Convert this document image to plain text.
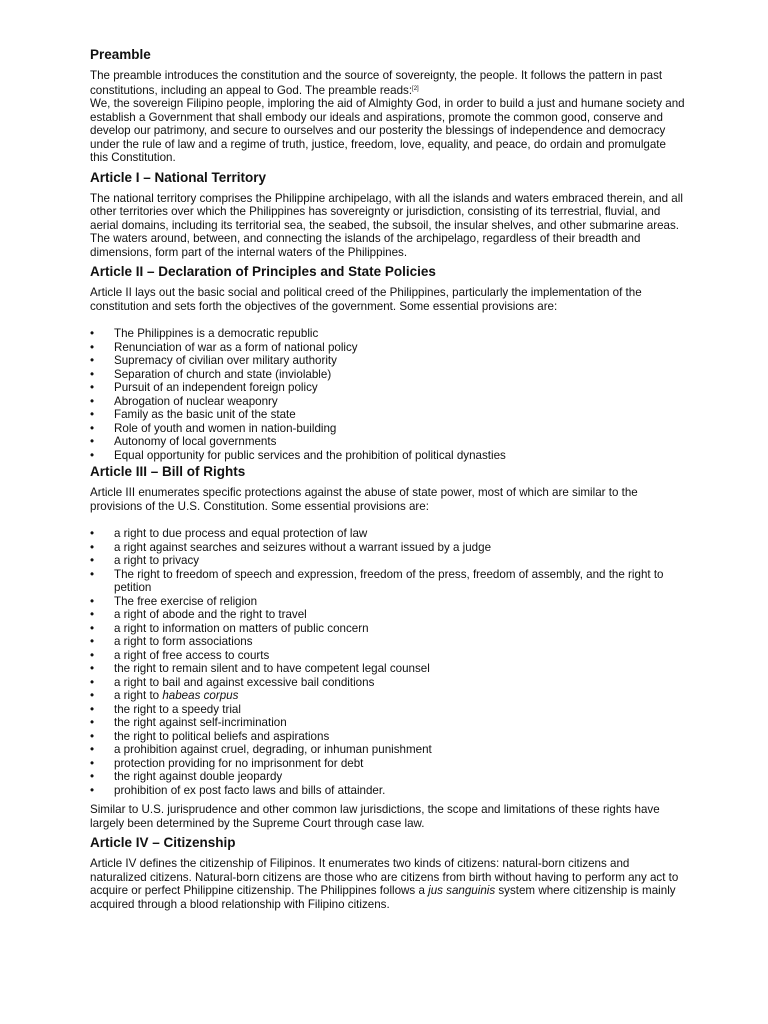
Preamble

The preamble introduces the constitution and the source of sovereignty, the people. It follows the pattern in past constitutions, including an appeal to God. The preamble reads:[2]

We, the sovereign Filipino people, imploring the aid of Almighty God, in order to build a just and humane society and establish a Government that shall embody our ideals and aspirations, promote the common good, conserve and develop our patrimony, and secure to ourselves and our posterity the blessings of independence and democracy under the rule of law and a regime of truth, justice, freedom, love, equality, and peace, do ordain and promulgate this Constitution.

Article I – National Territory

The national territory comprises the Philippine archipelago, with all the islands and waters embraced therein, and all other territories over which the Philippines has sovereignty or jurisdiction, consisting of its terrestrial, fluvial, and aerial domains, including its territorial sea, the seabed, the subsoil, the insular shelves, and other submarine areas. The waters around, between, and connecting the islands of the archipelago, regardless of their breadth and dimensions, form part of the internal waters of the Philippines.

Article II – Declaration of Principles and State Policies

Article II lays out the basic social and political creed of the Philippines, particularly the implementation of the constitution and sets forth the objectives of the government. Some essential provisions are:

• The Philippines is a democratic republic
• Renunciation of war as a form of national policy
• Supremacy of civilian over military authority
• Separation of church and state (inviolable)
• Pursuit of an independent foreign policy
• Abrogation of nuclear weaponry
• Family as the basic unit of the state
• Role of youth and women in nation-building
• Autonomy of local governments
• Equal opportunity for public services and the prohibition of political dynasties
Article III – Bill of Rights

Article III enumerates specific protections against the abuse of state power, most of which are similar to the provisions of the U.S. Constitution. Some essential provisions are:

• a right to due process and equal protection of law
• a right against searches and seizures without a warrant issued by a judge
• a right to privacy
• The right to freedom of speech and expression, freedom of the press, freedom of assembly, and the right to petition
• The free exercise of religion
• a right of abode and the right to travel
• a right to information on matters of public concern
• a right to form associations
• a right of free access to courts
• the right to remain silent and to have competent legal counsel
• a right to bail and against excessive bail conditions
• a right to habeas corpus
• the right to a speedy trial
• the right against self-incrimination
• the right to political beliefs and aspirations
• a prohibition against cruel, degrading, or inhuman punishment
• protection providing for no imprisonment for debt
• the right against double jeopardy
• prohibition of ex post facto laws and bills of attainder.

Similar to U.S. jurisprudence and other common law jurisdictions, the scope and limitations of these rights have largely been determined by the Supreme Court through case law.

Article IV – Citizenship

Article IV defines the citizenship of Filipinos. It enumerates two kinds of citizens: natural-born citizens and naturalized citizens. Natural-born citizens are those who are citizens from birth without having to perform any act to acquire or perfect Philippine citizenship. The Philippines follows a jus sanguinis system where citizenship is mainly acquired through a blood relationship with Filipino citizens.
